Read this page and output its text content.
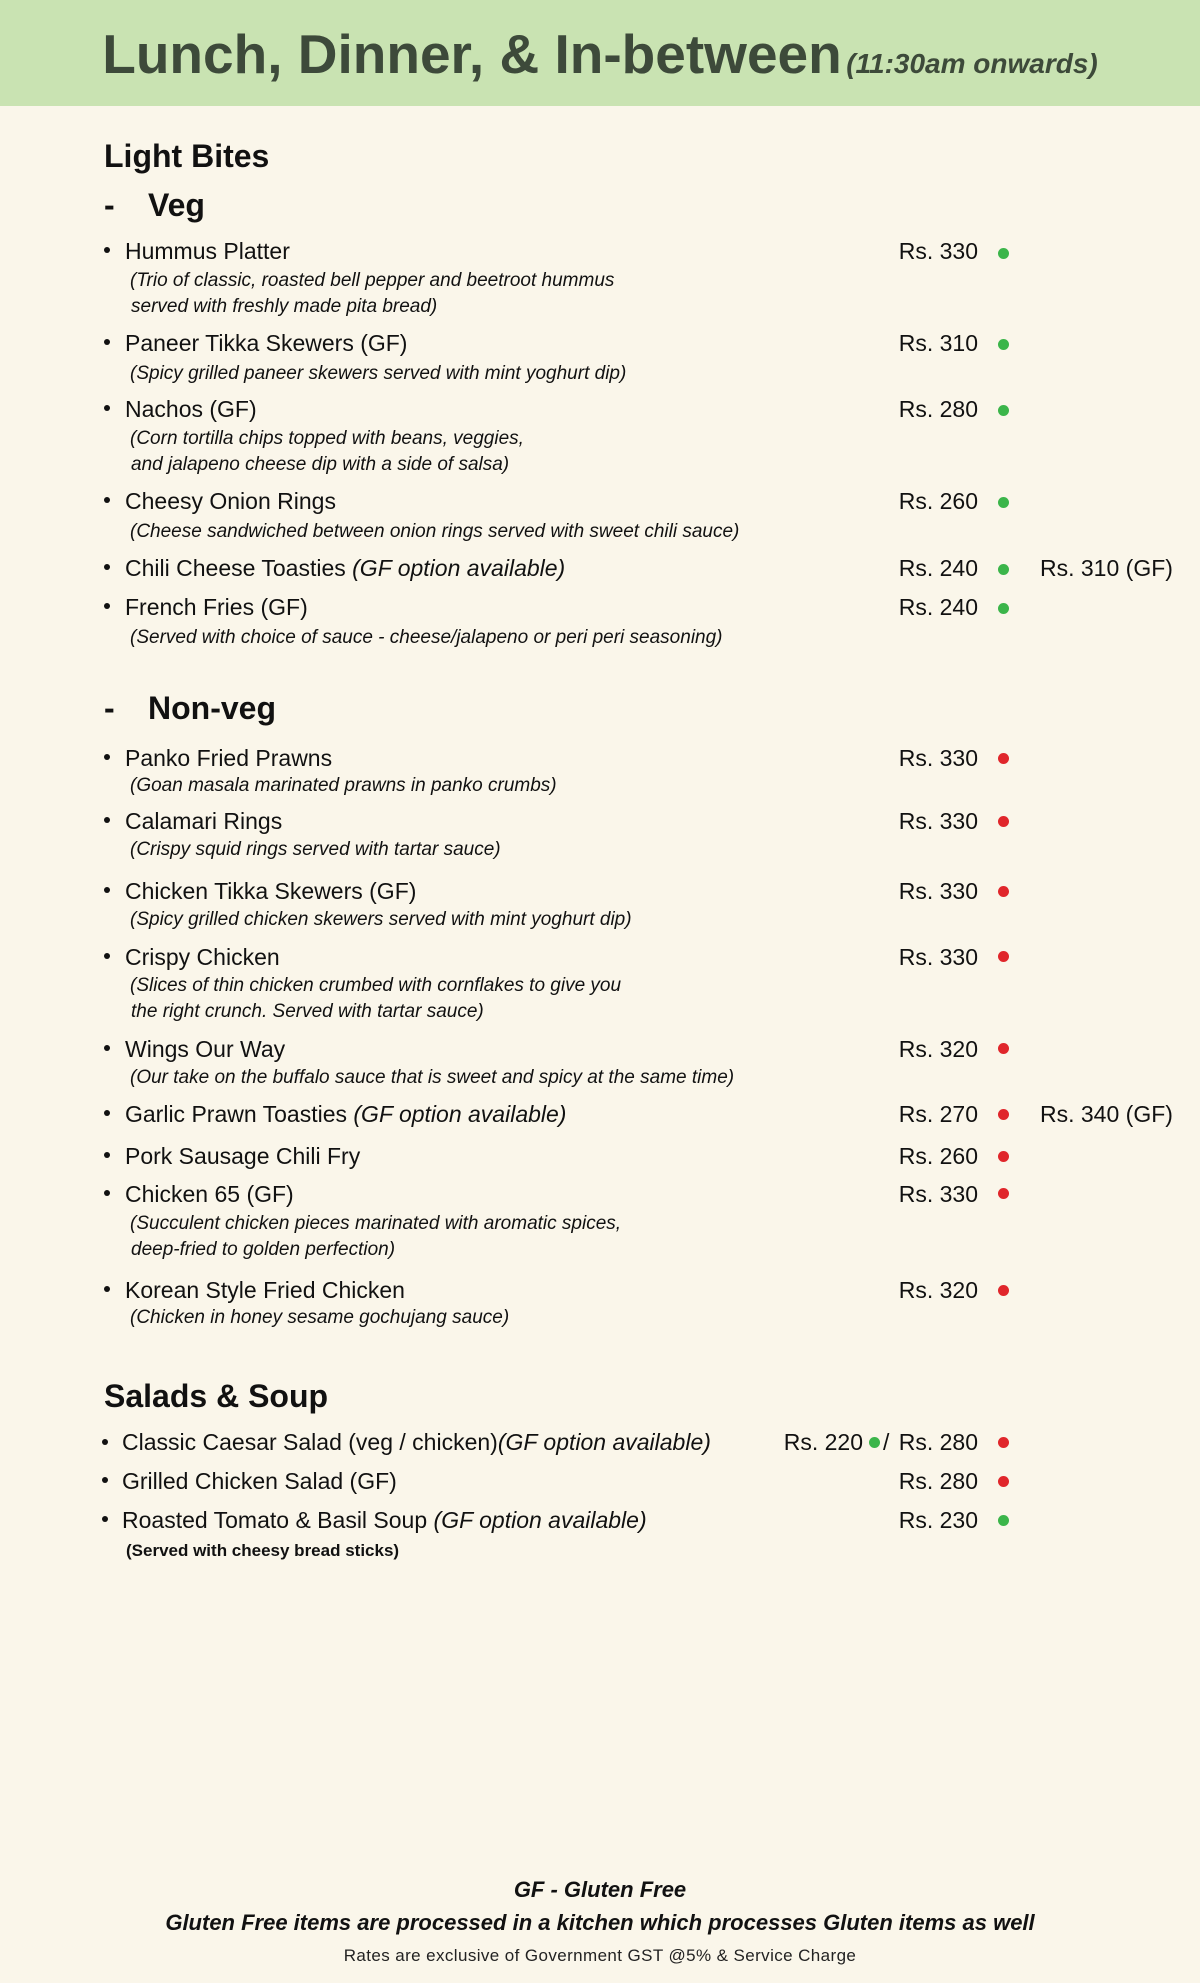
Lunch, Dinner, & In-between (11:30am onwards)
Light Bites
- Veg
Hummus Platter	Rs. 330
(Trio of classic, roasted bell pepper and beetroot hummus
served with freshly made pita bread)
Paneer Tikka Skewers (GF)	Rs. 310
(Spicy grilled paneer skewers served with mint yoghurt dip)
Nachos (GF)	Rs. 280
(Corn tortilla chips topped with beans, veggies,
and jalapeno cheese dip with a side of salsa)
Cheesy Onion Rings	Rs. 260
(Cheese sandwiched between onion rings served with sweet chili sauce)
Chili Cheese Toasties (GF option available)	Rs. 240	Rs. 310 (GF)
French Fries (GF)	Rs. 240
(Served with choice of sauce - cheese/jalapeno or peri peri seasoning)
- Non-veg
Panko Fried Prawns	Rs. 330
(Goan masala marinated prawns in panko crumbs)
Calamari Rings	Rs. 330
(Crispy squid rings served with tartar sauce)
Chicken Tikka Skewers (GF)	Rs. 330
(Spicy grilled chicken skewers served with mint yoghurt dip)
Crispy Chicken	Rs. 330
(Slices of thin chicken crumbed with cornflakes to give you
the right crunch. Served with tartar sauce)
Wings Our Way	Rs. 320
(Our take on the buffalo sauce that is sweet and spicy at the same time)
Garlic Prawn Toasties (GF option available)	Rs. 270	Rs. 340 (GF)
Pork Sausage Chili Fry	Rs. 260
Chicken 65 (GF)	Rs. 330
(Succulent chicken pieces marinated with aromatic spices,
deep-fried to golden perfection)
Korean Style Fried Chicken	Rs. 320
(Chicken in honey sesame gochujang sauce)
Salads & Soup
Classic Caesar Salad (veg / chicken)(GF option available)	Rs. 220 / Rs. 280
Grilled Chicken Salad (GF)	Rs. 280
Roasted Tomato & Basil Soup (GF option available)	Rs. 230
(Served with cheesy bread sticks)
GF - Gluten Free
Gluten Free items are processed in a kitchen which processes Gluten items as well
Rates are exclusive of Government GST @5% & Service Charge
